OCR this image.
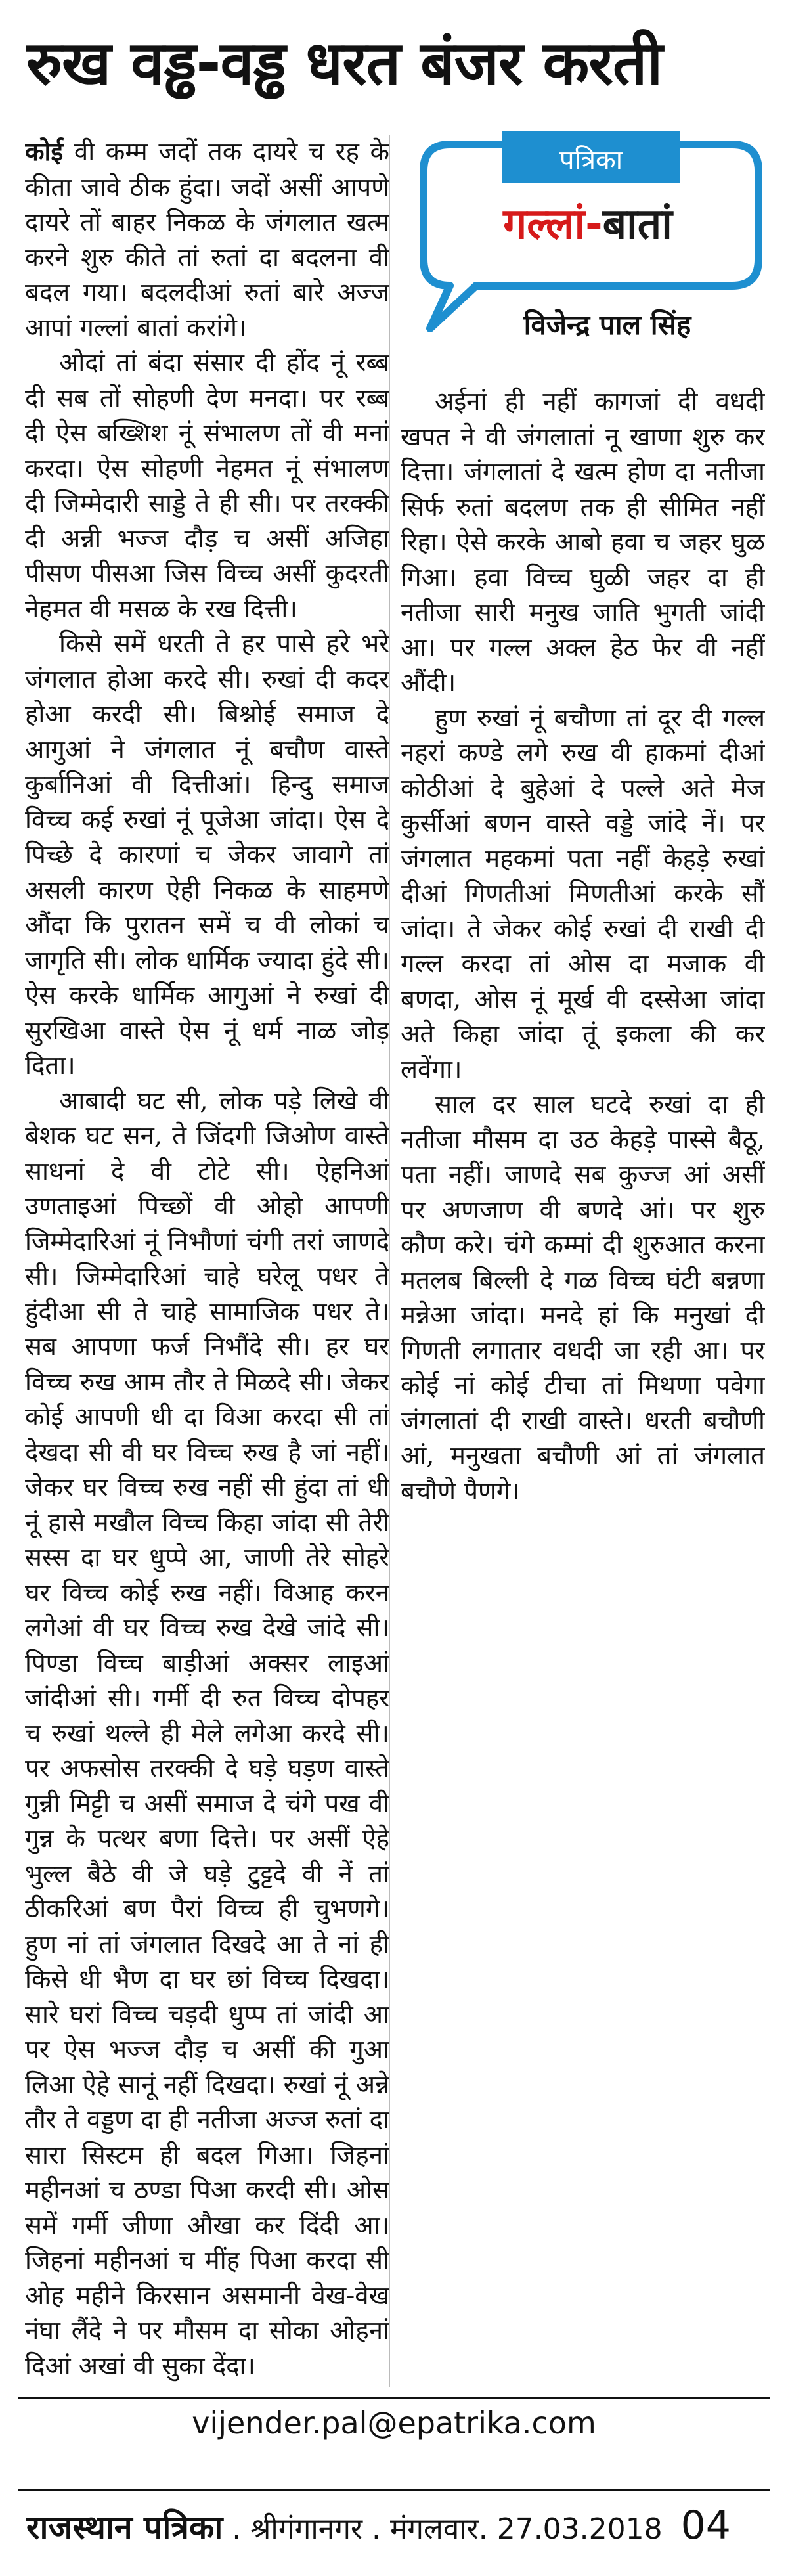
रुख वड्ढ-वड्ढ धरत बंजर करती
पत्रिका
गल्लां-बातां
विजेन्द्र पाल सिंह

कोई वी कम्म जदों तक दायरे च रह के कीता जावे ठीक हुंदा। जदों असीं आपणे दायरे तों बाहर निकळ के जंगलात खत्म करने शुरु कीते तां रुतां दा बदलना वी बदल गया। बदलदीआं रुतां बारे अज्ज आपां गल्लां बातां करांगे।

ओदां तां बंदा संसार दी होंद नूं रब्ब दी सब तों सोहणी देण मनदा। पर रब्ब दी ऐस बख्शिश नूं संभालण तों वी मनां करदा। ऐस सोहणी नेहमत नूं संभालण दी जिम्मेदारी साड्डे ते ही सी। पर तरक्की दी अन्नी भज्ज दौड़ च असीं अजिहा पीसण पीसआ जिस विच्च असीं कुदरती नेहमत वी मसळ के रख दित्ती।

किसे समें धरती ते हर पासे हरे भरे जंगलात होआ करदे सी। रुखां दी कदर होआ करदी सी। बिश्नोई समाज दे आगुआं ने जंगलात नूं बचौण वास्ते कुर्बानिआं वी दित्तीआं। हिन्दु समाज विच्च कई रुखां नूं पूजेआ जांदा। ऐस दे पिच्छे दे कारणां च जेकर जावागे तां असली कारण ऐही निकळ के साहमणे औंदा कि पुरातन समें च वी लोकां च जागृति सी। लोक धार्मिक ज्यादा हुंदे सी। ऐस करके धार्मिक आगुआं ने रुखां दी सुरखिआ वास्ते ऐस नूं धर्म नाळ जोड़ दिता।

आबादी घट सी, लोक पड़े लिखे वी बेशक घट सन, ते जिंदगी जिओण वास्ते साधनां दे वी टोटे सी। ऐहनिआं उणताइआं पिच्छों वी ओहो आपणी जिम्मेदारिआं नूं निभौणां चंगी तरां जाणदे सी। जिम्मेदारिआं चाहे घरेलू पधर ते हुंदीआ सी ते चाहे सामाजिक पधर ते। सब आपणा फर्ज निभौंदे सी। हर घर विच्च रुख आम तौर ते मिळदे सी। जेकर कोई आपणी धी दा विआ करदा सी तां देखदा सी वी घर विच्च रुख है जां नहीं। जेकर घर विच्च रुख नहीं सी हुंदा तां धी नूं हासे मखौल विच्च किहा जांदा सी तेरी सस्स दा घर धुप्पे आ, जाणी तेरे सोहरे घर विच्च कोई रुख नहीं। विआह करन लगेआं वी घर विच्च रुख देखे जांदे सी। पिण्डा विच्च बाड़ीआं अक्सर लाइआं जांदीआं सी। गर्मी दी रुत विच्च दोपहर च रुखां थल्ले ही मेले लगेआ करदे सी। पर अफसोस तरक्की दे घड़े घड़ण वास्ते गुन्नी मिट्टी च असीं समाज दे चंगे पख वी गुन्न के पत्थर बणा दित्ते। पर असीं ऐहे भुल्ल बैठे वी जे घड़े टुट्टदे वी नें तां ठीकरिआं बण पैरां विच्च ही चुभणगे। हुण नां तां जंगलात दिखदे आ ते नां ही किसे धी भैण दा घर छां विच्च दिखदा। सारे घरां विच्च चड़दी धुप्प तां जांदी आ पर ऐस भज्ज दौड़ च असीं की गुआ लिआ ऐहे सानूं नहीं दिखदा। रुखां नूं अन्ने तौर ते वड्डण दा ही नतीजा अज्ज रुतां दा सारा सिस्टम ही बदल गिआ। जिहनां महीनआं च ठण्डा पिआ करदी सी। ओस समें गर्मी जीणा औखा कर दिंदी आ। जिहनां महीनआं च मींह पिआ करदा सी ओह महीने किरसान असमानी वेख-वेख नंघा लैंदे ने पर मौसम दा सोका ओहनां दिआं अखां वी सुका देंदा।

अईनां ही नहीं कागजां दी वधदी खपत ने वी जंगलातां नू खाणा शुरु कर दित्ता। जंगलातां दे खत्म होण दा नतीजा सिर्फ रुतां बदलण तक ही सीमित नहीं रिहा। ऐसे करके आबो हवा च जहर घुळ गिआ। हवा विच्च घुळी जहर दा ही नतीजा सारी मनुख जाति भुगती जांदी आ। पर गल्ल अक्ल हेठ फेर वी नहीं औंदी।

हुण रुखां नूं बचौणा तां दूर दी गल्ल नहरां कण्डे लगे रुख वी हाकमां दीआं कोठीआं दे बुहेआं दे पल्ले अते मेज कुर्सीआं बणन वास्ते वड्डे जांदे नें। पर जंगलात महकमां पता नहीं केहड़े रुखां दीआं गिणतीआं मिणतीआं करके सौं जांदा। ते जेकर कोई रुखां दी राखी दी गल्ल करदा तां ओस दा मजाक वी बणदा, ओस नूं मूर्ख वी दस्सेआ जांदा अते किहा जांदा तूं इकला की कर लवेंगा।

साल दर साल घटदे रुखां दा ही नतीजा मौसम दा उठ केहड़े पास्से बैठू, पता नहीं। जाणदे सब कुज्ज आं असीं पर अणजाण वी बणदे आं। पर शुरु कौण करे। चंगे कम्मां दी शुरुआत करना मतलब बिल्ली दे गळ विच्च घंटी बन्नणा मन्नेआ जांदा। मनदे हां कि मनुखां दी गिणती लगातार वधदी जा रही आ। पर कोई नां कोई टीचा तां मिथणा पवेगा जंगलातां दी राखी वास्ते। धरती बचौणी आं, मनुखता बचौणी आं तां जंगलात बचौणे पैणगे।

vijender.pal@epatrika.com
राजस्थान पत्रिका . श्रीगंगानगर . मंगलवार. 27.03.2018 04
